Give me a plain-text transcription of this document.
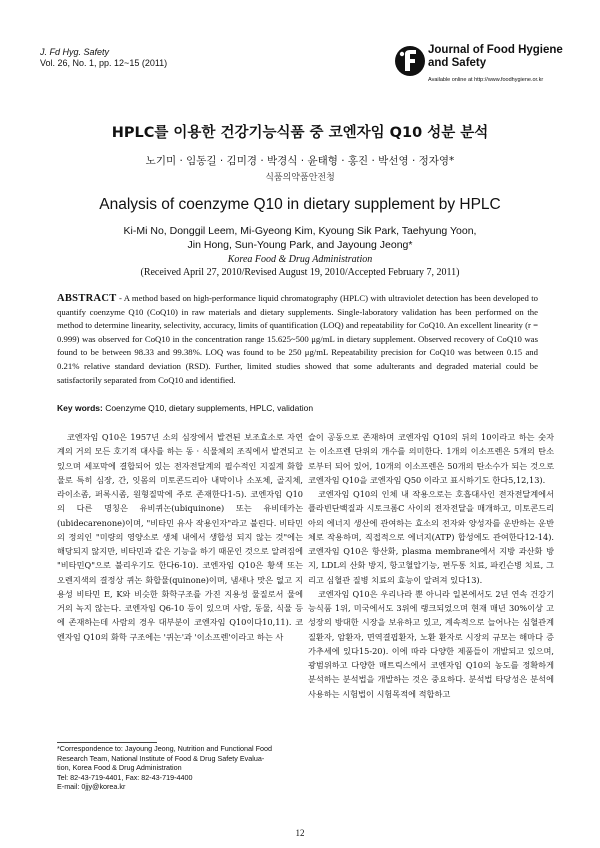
J. Fd Hyg. Safety
Vol. 26, No. 1, pp. 12~15 (2011)
Journal of Food Hygiene
and Safety
Available online at http://www.foodhygiene.or.kr
HPLC를 이용한 건강기능식품 중 코엔자임 Q10 성분 분석
노기미 · 임동길 · 김미경 · 박경식 · 윤태형 · 홍진 · 박선영 · 정자영*
식품의약품안전청
Analysis of coenzyme Q10 in dietary supplement by HPLC
Ki-Mi No, Donggil Leem, Mi-Gyeong Kim, Kyoung Sik Park, Taehyung Yoon,
Jin Hong, Sun-Young Park, and Jayoung Jeong*
Korea Food & Drug Administration
(Received April 27, 2010/Revised August 19, 2010/Accepted February 7, 2011)
ABSTRACT - A method based on high-performance liquid chromatography (HPLC) with ultraviolet detection has been developed to quantify coenzyme Q10 (CoQ10) in raw materials and dietary supplements. Single-laboratory validation has been performed on the method to determine linearity, selectivity, accuracy, limits of quantification (LOQ) and repeatability for CoQ10. An excellent linearity (r = 0.999) was observed for CoQ10 in the concentration range 15.625~500 μg/mL in dietary supplement. Observed recovery of CoQ10 was found to be between 98.33 and 99.38%. LOQ was found to be 250 μg/mL Repeatability precision for CoQ10 was between 0.15 and 0.21% relative standard deviation (RSD). Further, limited studies showed that some adulterants and degraded material could be satisfactorily separated from CoQ10 and identified.
Key words: Coenzyme Q10, dietary supplements, HPLC, validation

코엔자임 Q10은 1957년 소의 심장에서 발견된 보조효소로 자연계의 거의 모든 호기적 대사를 하는 동 · 식물체의 조직에서 발견되고 있으며 세포막에 결합되어 있는 전자전달계의 필수적인 지질계 화합물로 특히 심장, 간, 잇몸의 미토콘드리아 내막이나 소포체, 골지체, 라이소좀, 퍼록시좀, 원형질막에 주로 존재한다1-5). 코엔자임 Q10의 다른 명칭은 유비퀴논(ubiquinone) 또는 유비데카논(ubidecarenone)이며, "비타민 유사 작용인자"라고 불린다. 비타민의 정의인 "미량의 영양소로 생체 내에서 생합성 되지 않는 것"에는 해당되지 않지만, 비타민과 같은 기능을 하기 때문인 것으로 알려짐에 "비타민Q"으로 불리우기도 한다6-10). 코엔자임 Q10은 황색 또는 오렌지색의 결정상 퀴논 화합물(quinone)이며, 냄새나 맛은 없고 지용성 비타민 E, K와 비슷한 화학구조를 가진 지용성 물질로서 물에 거의 녹지 않는다. 코엔자임 Q6-10 등이 있으며 사람, 동물, 식물 등에 존재하는데 사람의 경우 대부분이 코엔자임 Q10이다10,11). 코엔자임 Q10의 화학 구조에는 '퀴논'과 '이소프렌'이라고 하는 사

슬이 공동으로 존재하며 코엔자임 Q10의 뒤의 10이라고 하는 숫자는 이소프렌 단위의 개수를 의미한다. 1개의 이소프렌은 5개의 탄소로부터 되어 있어, 10개의 이소프렌은 50개의 탄소수가 되는 것으로 코엔자임 Q10을 코엔자임 Q50 이라고 표시하기도 한다5,12,13).

코엔자임 Q10의 인체 내 작용으로는 호흡대사인 전자전달계에서 플라빈단백질과 시토크롬C 사이의 전자전달을 매개하고, 미토콘드리아의 에너지 생산에 관여하는 효소의 전자와 양성자를 운반하는 운반체로 작용하며, 직접적으로 에너지(ATP) 합성에도 관여한다12-14). 코엔자임 Q10은 항산화, plasma membrane에서 지방 과산화 방지, LDL의 산화 방지, 항고혈압기능, 편두통 치료, 파킨슨병 치료, 그리고 심혈관 질병 치료의 효능이 알려져 있다13).

코엔자임 Q10은 우리나라 뿐 아니라 일본에서도 2년 연속 건강기능식품 1위, 미국에서도 3위에 랭크되었으며 현재 매년 30%이상 고성장의 방대한 시장을 보유하고 있고, 계속적으로 늘어나는 심혈관계 질환자, 암환자, 면역결핍환자, 노환 환자로 시장의 규모는 해마다 증가추세에 있다15-20). 이에 따라 다양한 제품들이 개발되고 있으며, 광범위하고 다양한 매트릭스에서 코엔자임 Q10의 농도를 정확하게 분석하는 분석법을 개발하는 것은 중요하다. 분석법 타당성은 분석에 사용하는 시험법이 시험목적에 적합하고

*Correspondence to: Jayoung Jeong, Nutrition and Functional Food
Research Team, National Institute of Food & Drug Safety Evalua-
tion, Korea Food & Drug Administration
Tel: 82-43-719-4401, Fax: 82-43-719-4400
E-mail: 0jjy@korea.kr
12
